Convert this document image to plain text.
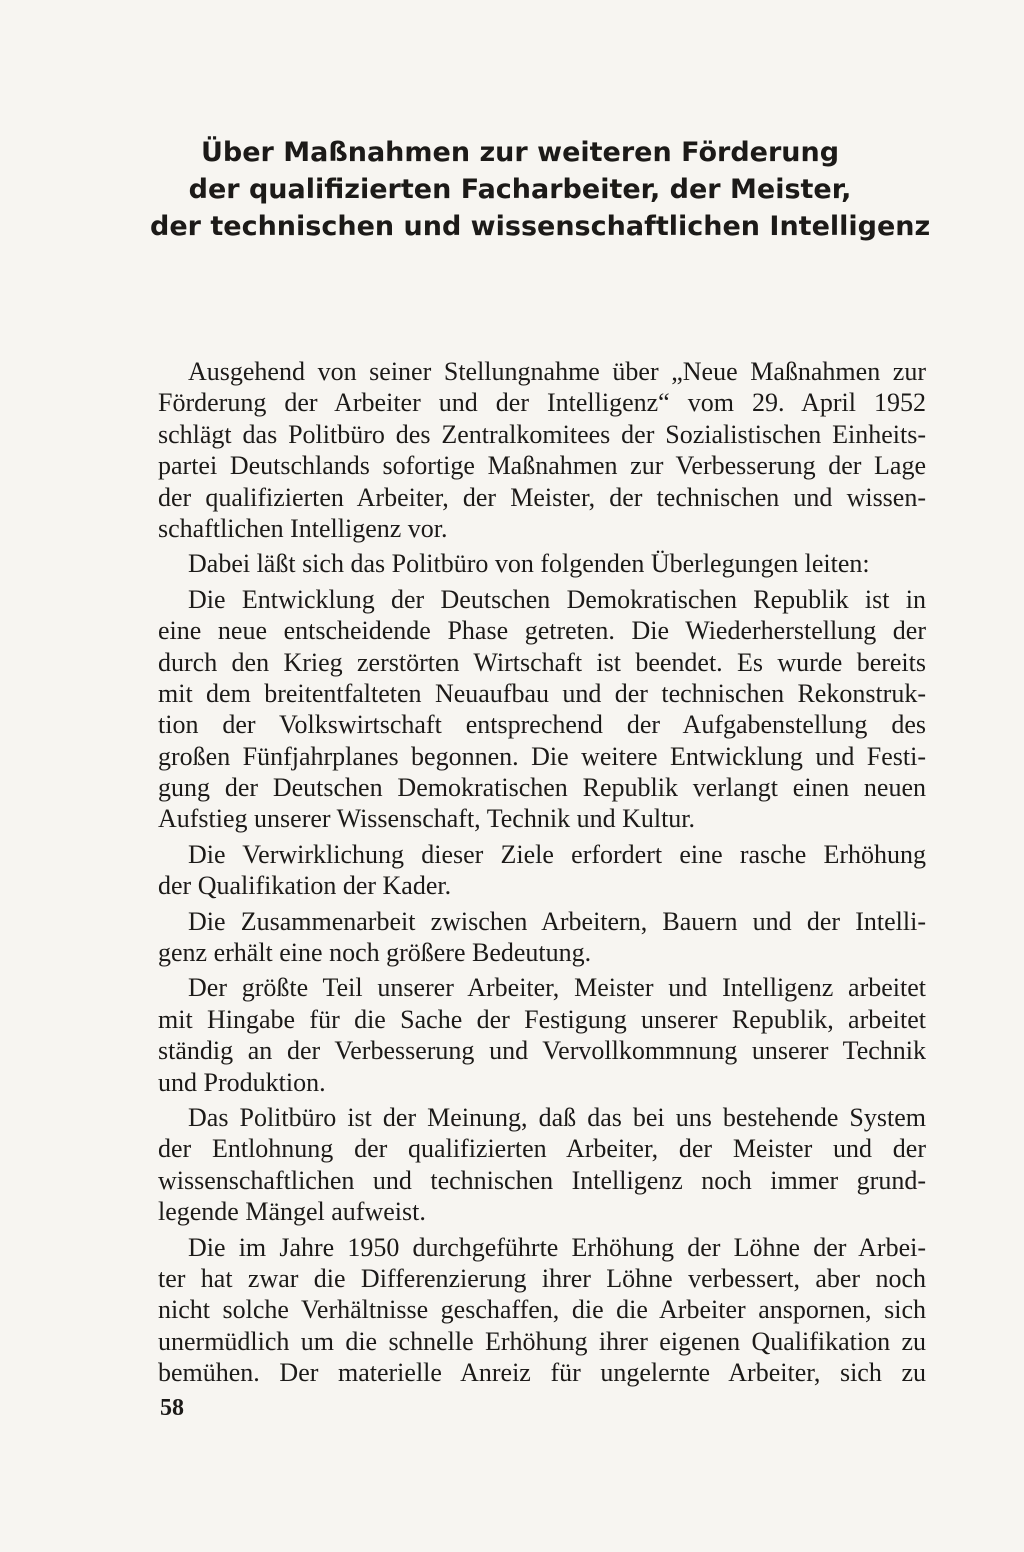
Über Maßnahmen zur weiteren Förderung
der qualifizierten Facharbeiter, der Meister,
der technischen und wissenschaftlichen Intelligenz
Ausgehend von seiner Stellungnahme über „Neue Maßnahmen zur
Förderung der Arbeiter und der Intelligenz“ vom 29. April 1952
schlägt das Politbüro des Zentralkomitees der Sozialistischen Einheits-
partei Deutschlands sofortige Maßnahmen zur Verbesserung der Lage
der qualifizierten Arbeiter, der Meister, der technischen und wissen-
schaftlichen Intelligenz vor.
Dabei läßt sich das Politbüro von folgenden Überlegungen leiten:
Die Entwicklung der Deutschen Demokratischen Republik ist in
eine neue entscheidende Phase getreten. Die Wiederherstellung der
durch den Krieg zerstörten Wirtschaft ist beendet. Es wurde bereits
mit dem breitentfalteten Neuaufbau und der technischen Rekonstruk-
tion der Volkswirtschaft entsprechend der Aufgabenstellung des
großen Fünfjahrplanes begonnen. Die weitere Entwicklung und Festi-
gung der Deutschen Demokratischen Republik verlangt einen neuen
Aufstieg unserer Wissenschaft, Technik und Kultur.
Die Verwirklichung dieser Ziele erfordert eine rasche Erhöhung
der Qualifikation der Kader.
Die Zusammenarbeit zwischen Arbeitern, Bauern und der Intelli-
genz erhält eine noch größere Bedeutung.
Der größte Teil unserer Arbeiter, Meister und Intelligenz arbeitet
mit Hingabe für die Sache der Festigung unserer Republik, arbeitet
ständig an der Verbesserung und Vervollkommnung unserer Technik
und Produktion.
Das Politbüro ist der Meinung, daß das bei uns bestehende System
der Entlohnung der qualifizierten Arbeiter, der Meister und der
wissenschaftlichen und technischen Intelligenz noch immer grund-
legende Mängel aufweist.
Die im Jahre 1950 durchgeführte Erhöhung der Löhne der Arbei-
ter hat zwar die Differenzierung ihrer Löhne verbessert, aber noch
nicht solche Verhältnisse geschaffen, die die Arbeiter anspornen, sich
unermüdlich um die schnelle Erhöhung ihrer eigenen Qualifikation zu
bemühen. Der materielle Anreiz für ungelernte Arbeiter, sich zu
58
